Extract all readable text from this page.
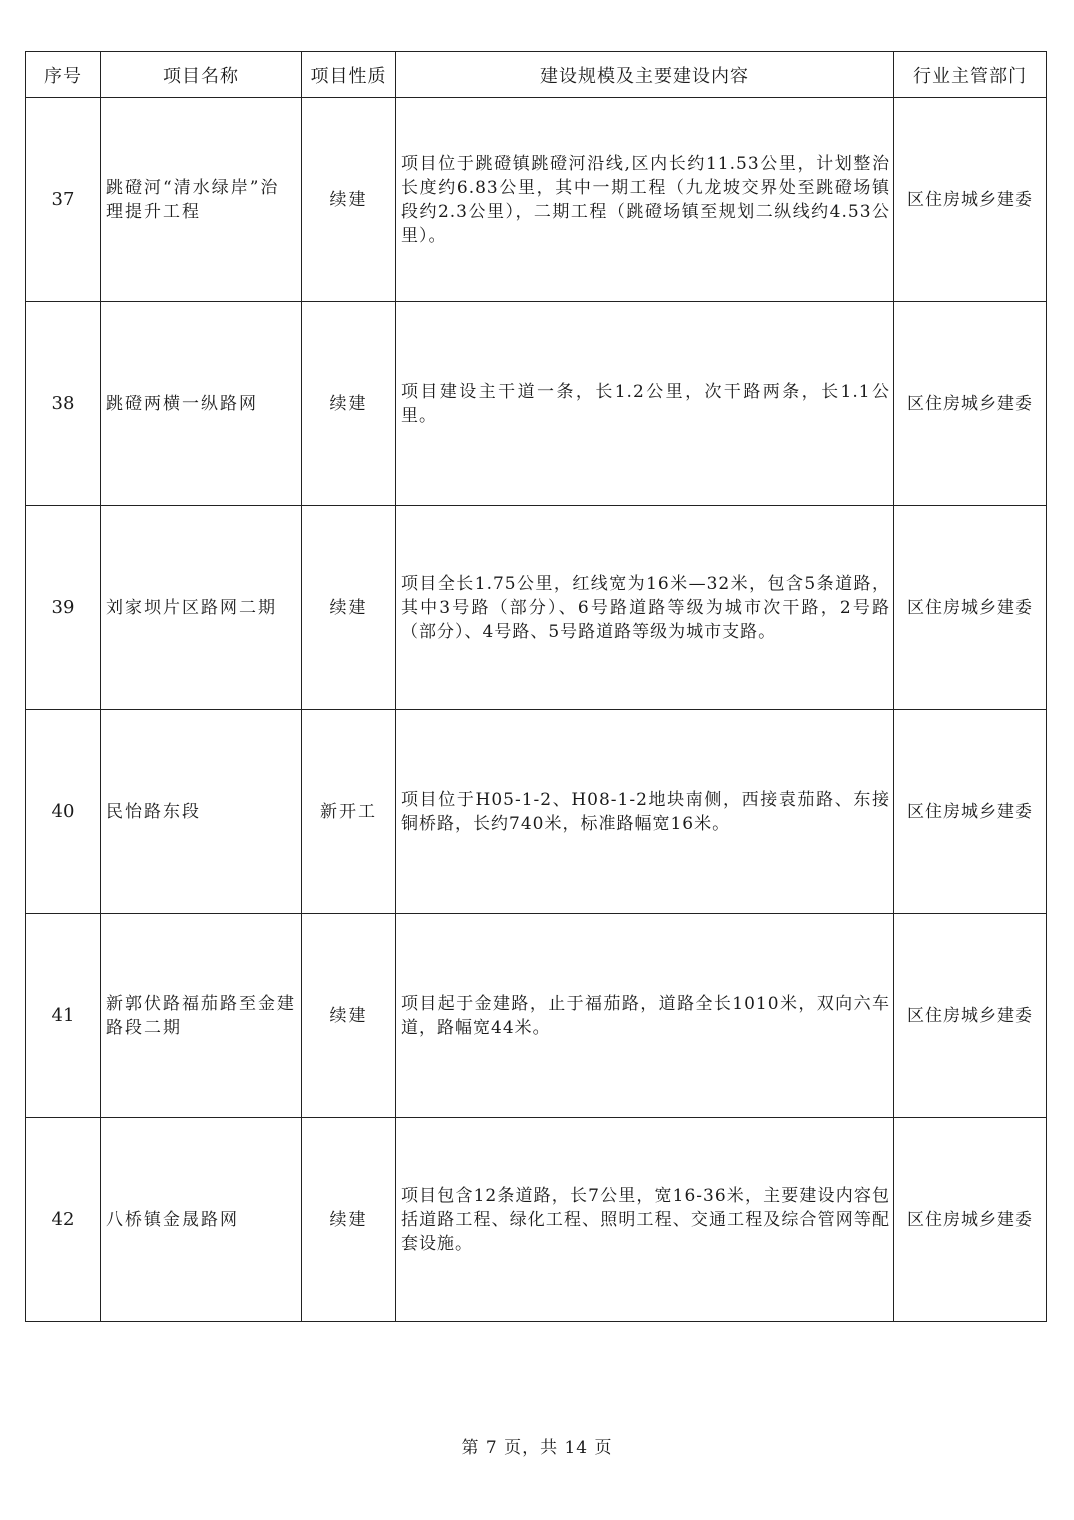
序号	项目名称	项目性质	建设规模及主要建设内容	行业主管部门
37	跳磴河“清水绿岸”治理提升工程	续建	项目位于跳磴镇跳磴河沿线,区内长约11.53公里，计划整治长度约6.83公里，其中一期工程（九龙坡交界处至跳磴场镇段约2.3公里），二期工程（跳磴场镇至规划二纵线约4.53公里）。	区住房城乡建委
38	跳磴两横一纵路网	续建	项目建设主干道一条，长1.2公里，次干路两条，长1.1公里。	区住房城乡建委
39	刘家坝片区路网二期	续建	项目全长1.75公里，红线宽为16米—32米，包含5条道路，其中3号路（部分）、6号路道路等级为城市次干路，2号路（部分）、4号路、5号路道路等级为城市支路。	区住房城乡建委
40	民怡路东段	新开工	项目位于H05-1-2、H08-1-2地块南侧，西接袁茄路、东接铜桥路，长约740米，标准路幅宽16米。	区住房城乡建委
41	新郭伏路福茄路至金建路段二期	续建	项目起于金建路，止于福茄路，道路全长1010米，双向六车道，路幅宽44米。	区住房城乡建委
42	八桥镇金晟路网	续建	项目包含12条道路，长7公里，宽16-36米，主要建设内容包括道路工程、绿化工程、照明工程、交通工程及综合管网等配套设施。	区住房城乡建委
第 7 页，共 14 页
